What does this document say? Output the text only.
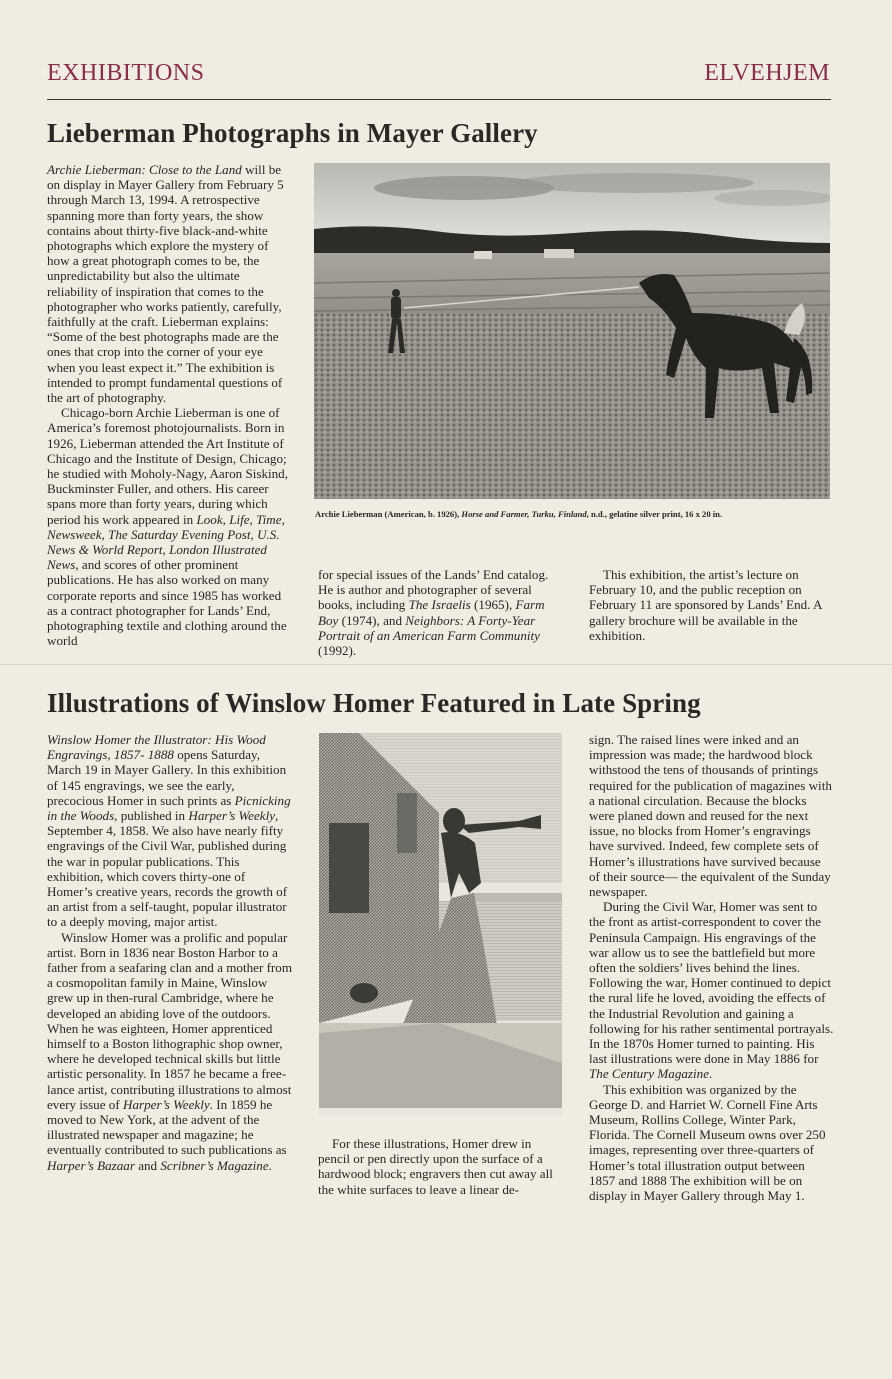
EXHIBITIONS	ELVEHJEM
Lieberman Photographs in Mayer Gallery

Archie Lieberman: Close to the Land will be on display in Mayer Gallery from February 5 through March 13, 1994. A retrospective spanning more than forty years, the show contains about thirty-five black-and-white photographs which explore the mystery of how a great photograph comes to be, the unpredictability but also the ultimate reliability of inspiration that comes to the photographer who works patiently, carefully, faithfully at the craft. Lieberman explains: “Some of the best photographs made are the ones that crop into the corner of your eye when you least expect it.” The exhibition is intended to prompt fundamental questions of the art of photography.

Chicago-born Archie Lieberman is one of America’s foremost photojournalists. Born in 1926, Lieberman attended the Art Institute of Chicago and the Institute of Design, Chicago; he studied with Moholy-Nagy, Aaron Siskind, Buckminster Fuller, and others. His career spans more than forty years, during which period his work appeared in Look, Life, Time, Newsweek, The Saturday Evening Post, U.S. News & World Report, London Illustrated News, and scores of other prominent publications. He has also worked on many corporate reports and since 1985 has worked as a contract photographer for Lands’ End, photographing textile and clothing around the world

Archie Lieberman (American, b. 1926), Horse and Farmer, Turku, Finland, n.d., gelatine silver print, 16 x 20 in.

for special issues of the Lands’ End catalog. He is author and photographer of several books, including The Israelis (1965), Farm Boy (1974), and Neighbors: A Forty-Year Portrait of an American Farm Community (1992).

This exhibition, the artist’s lecture on February 10, and the public reception on February 11 are sponsored by Lands’ End. A gallery brochure will be available in the exhibition.

Illustrations of Winslow Homer Featured in Late Spring

Winslow Homer the Illustrator: His Wood Engravings, 1857- 1888 opens Saturday, March 19 in Mayer Gallery. In this exhibition of 145 engravings, we see the early, precocious Homer in such prints as Picnicking in the Woods, published in Harper’s Weekly, September 4, 1858. We also have nearly fifty engravings of the Civil War, published during the war in popular publications. This exhibition, which covers thirty-one of Homer’s creative years, records the growth of an artist from a self-taught, popular illustrator to a deeply moving, major artist.

Winslow Homer was a prolific and popular artist. Born in 1836 near Boston Harbor to a father from a seafaring clan and a mother from a cosmopolitan family in Maine, Winslow grew up in then-rural Cambridge, where he developed an abiding love of the outdoors. When he was eighteen, Homer apprenticed himself to a Boston lithographic shop owner, where he developed technical skills but little artistic personality. In 1857 he became a free-lance artist, contributing illustrations to almost every issue of Harper’s Weekly. In 1859 he moved to New York, at the advent of the illustrated newspaper and magazine; he eventually contributed to such publications as Harper’s Bazaar and Scribner’s Magazine.

For these illustrations, Homer drew in pencil or pen directly upon the surface of a hardwood block; engravers then cut away all the white surfaces to leave a linear de-

sign. The raised lines were inked and an impression was made; the hardwood block withstood the tens of thousands of printings required for the publication of magazines with a national circulation. Because the blocks were planed down and reused for the next issue, no blocks from Homer’s engravings have survived. Indeed, few complete sets of Homer’s illustrations have survived because of their source— the equivalent of the Sunday newspaper.

During the Civil War, Homer was sent to the front as artist-correspondent to cover the Peninsula Campaign. His engravings of the war allow us to see the battlefield but more often the soldiers’ lives behind the lines. Following the war, Homer continued to depict the rural life he loved, avoiding the effects of the Industrial Revolution and gaining a following for his rather sentimental portrayals. In the 1870s Homer turned to painting. His last illustrations were done in May 1886 for The Century Magazine.

This exhibition was organized by the George D. and Harriet W. Cornell Fine Arts Museum, Rollins College, Winter Park, Florida. The Cornell Museum owns over 250 images, representing over three-quarters of Homer’s total illustration output between 1857 and 1888 The exhibition will be on display in Mayer Gallery through May 1.
